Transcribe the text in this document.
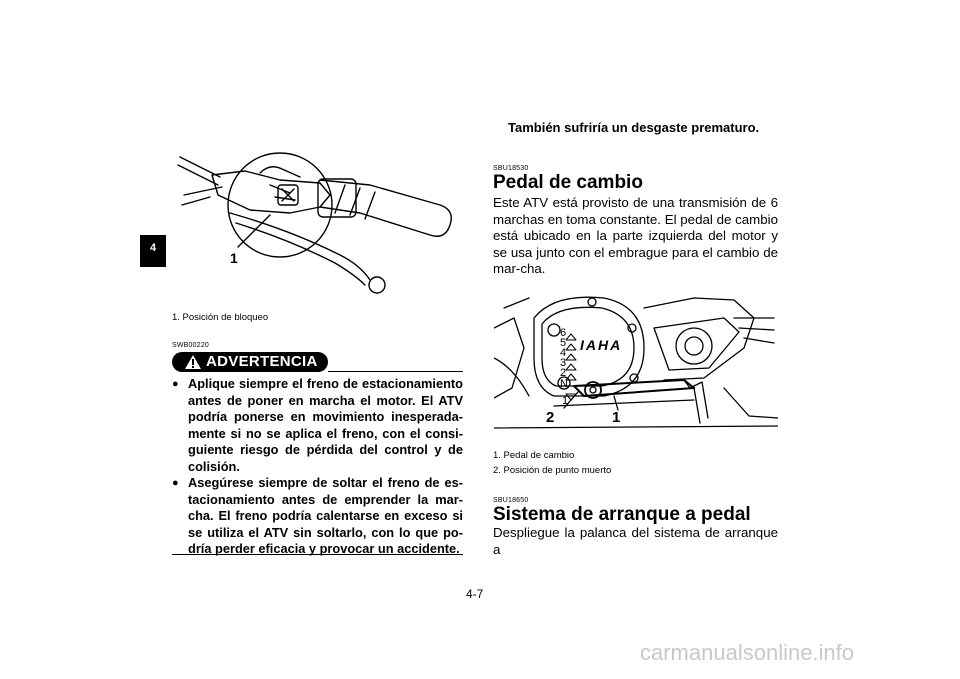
4
También sufriría un desgaste prematuro.
1
1. Posición de bloqueo
SWB00220
ADVERTENCIA
● Aplique siempre el freno de estacionamiento antes de poner en marcha el motor. El ATV podría ponerse en movimiento inesperada-mente si no se aplica el freno, con el consi-guiente riesgo de pérdida del control y de colisión.
● Asegúrese siempre de soltar el freno de es-tacionamiento antes de emprender la mar-cha. El freno podría calentarse en exceso si se utiliza el ATV sin soltarlo, con lo que po-dría perder eficacia y provocar un accidente.
SBU18530
Pedal de cambio
Este ATV está provisto de una transmisión de 6 marchas en toma constante. El pedal de cambio está ubicado en la parte izquierda del motor y se usa junto con el embrague para el cambio de mar-cha.
6
5
4
3
2
N
1
IAHA
2	1
1. Pedal de cambio
2. Posición de punto muerto
SBU18650
Sistema de arranque a pedal
Despliegue la palanca del sistema de arranque a
4-7
carmanualsonline.info
